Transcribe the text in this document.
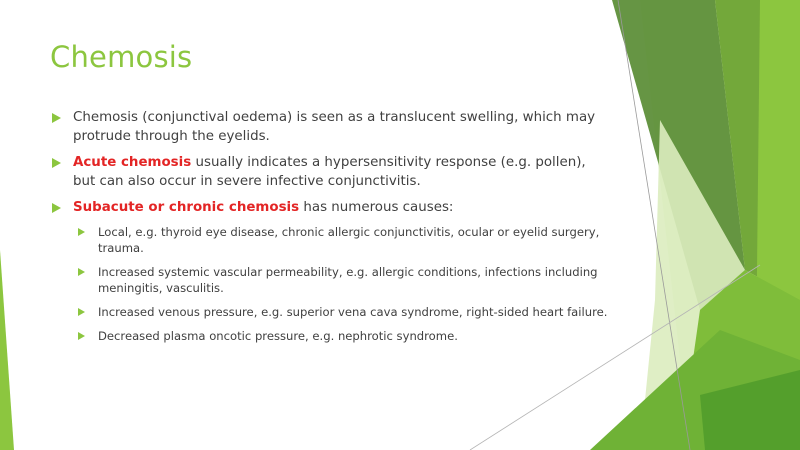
Chemosis
Chemosis (conjunctival oedema) is seen as a translucent swelling, which may protrude through the eyelids.
Acute chemosis usually indicates a hypersensitivity response (e.g. pollen), but can also occur in severe infective conjunctivitis.
Subacute or chronic chemosis has numerous causes:
Local, e.g. thyroid eye disease, chronic allergic conjunctivitis, ocular or eyelid surgery, trauma.
Increased systemic vascular permeability, e.g. allergic conditions, infections including meningitis, vasculitis.
Increased venous pressure, e.g. superior vena cava syndrome, right-sided heart failure.
Decreased plasma oncotic pressure, e.g. nephrotic syndrome.
